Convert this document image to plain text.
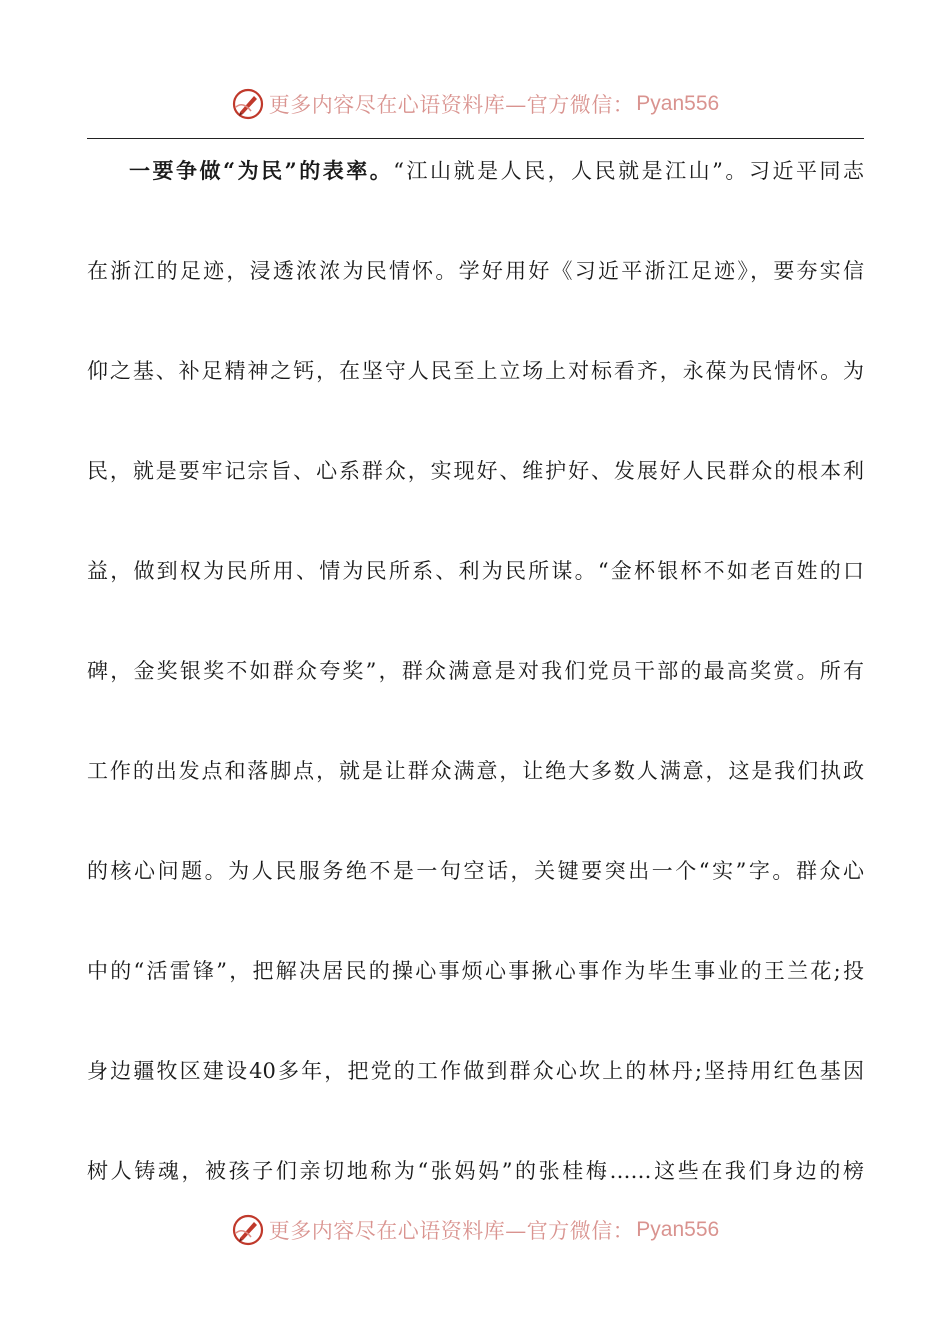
更多内容尽在心语资料库—官方微信： Pyan556
一要争做“为民”的表率。“江山就是人民，人民就是江山”。习近平同志
在浙江的足迹，浸透浓浓为民情怀。学好用好《习近平浙江足迹》，要夯实信
仰之基、补足精神之钙，在坚守人民至上立场上对标看齐，永葆为民情怀。为
民，就是要牢记宗旨、心系群众，实现好、维护好、发展好人民群众的根本利
益，做到权为民所用、情为民所系、利为民所谋。“金杯银杯不如老百姓的口
碑，金奖银奖不如群众夸奖”，群众满意是对我们党员干部的最高奖赏。所有
工作的出发点和落脚点，就是让群众满意，让绝大多数人满意，这是我们执政
的核心问题。为人民服务绝不是一句空话，关键要突出一个“实”字。群众心
中的“活雷锋”，把解决居民的操心事烦心事揪心事作为毕生事业的王兰花;投
身边疆牧区建设40多年，把党的工作做到群众心坎上的林丹;坚持用红色基因
树人铸魂，被孩子们亲切地称为“张妈妈”的张桂梅……这些在我们身边的榜
更多内容尽在心语资料库—官方微信： Pyan556
